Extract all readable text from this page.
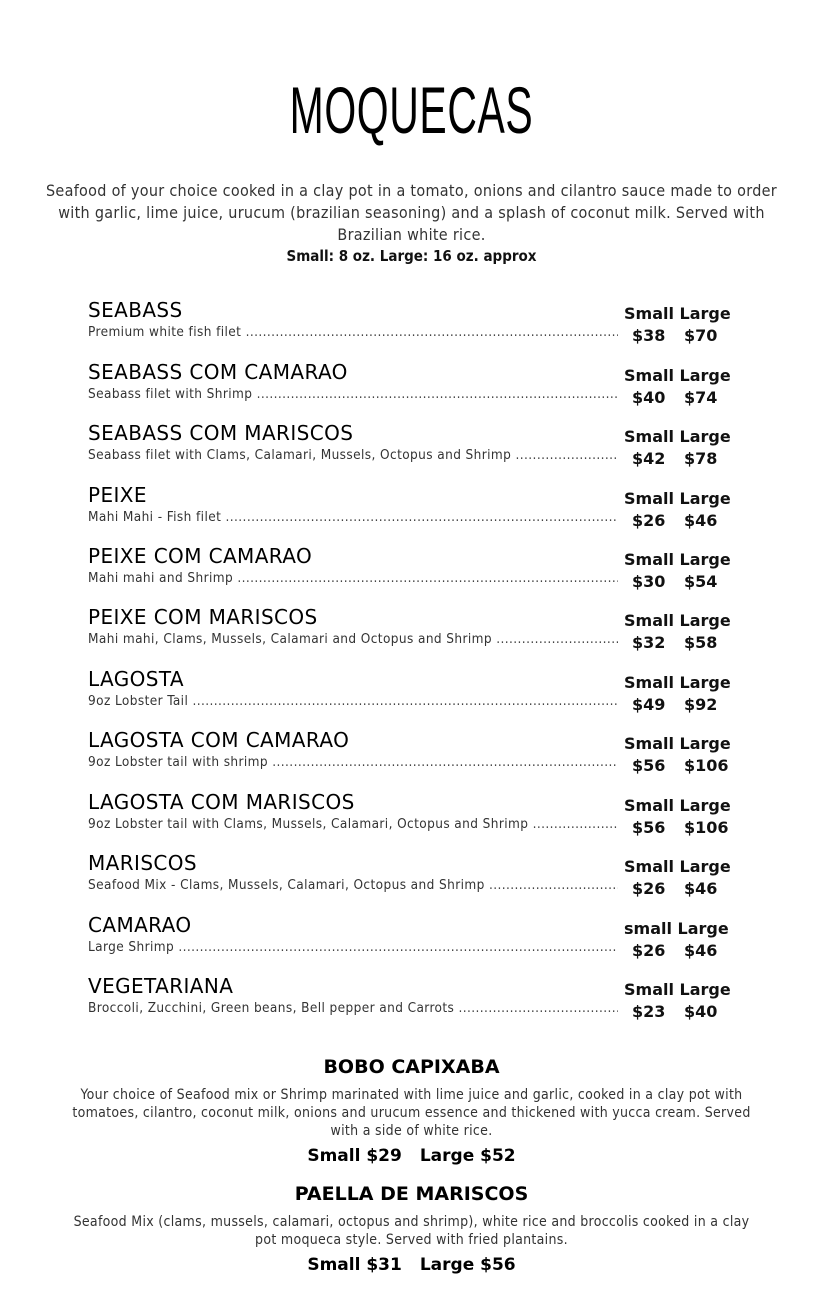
MOQUECAS
Seafood of your choice cooked in a clay pot in a tomato, onions and cilantro sauce made to order with garlic, lime juice, urucum (brazilian seasoning) and a splash of coconut milk. Served with Brazilian white rice.
Small: 8 oz. Large: 16 oz. approx
SEABASS
Premium white fish filet .....
Small Large
$38 $70
SEABASS COM CAMARAO
Seabass filet with Shrimp .....
Small Large
$40 $74
SEABASS COM MARISCOS
Seabass filet with Clams, Calamari, Mussels, Octopus and Shrimp .....
Small Large
$42 $78
PEIXE
Mahi Mahi - Fish filet .....
Small Large
$26 $46
PEIXE COM CAMARAO
Mahi mahi and Shrimp .....
Small Large
$30 $54
PEIXE COM MARISCOS
Mahi mahi, Clams, Mussels, Calamari and Octopus and Shrimp .....
Small Large
$32 $58
LAGOSTA
9oz Lobster Tail .....
Small Large
$49 $92
LAGOSTA COM CAMARAO
9oz Lobster tail with shrimp .....
Small Large
$56 $106
LAGOSTA COM MARISCOS
9oz Lobster tail with Clams, Mussels, Calamari, Octopus and Shrimp .....
Small Large
$56 $106
MARISCOS
Seafood Mix - Clams, Mussels, Calamari, Octopus and Shrimp .....
Small Large
$26 $46
CAMARAO
Large Shrimp .....
small Large
$26 $46
VEGETARIANA
Broccoli, Zucchini, Green beans, Bell pepper and Carrots .....
Small Large
$23 $40
BOBO CAPIXABA
Your choice of Seafood mix or Shrimp marinated with lime juice and garlic, cooked in a clay pot with tomatoes, cilantro, coconut milk, onions and urucum essence and thickened with yucca cream. Served with a side of white rice.
Small $29 Large $52
PAELLA DE MARISCOS
Seafood Mix (clams, mussels, calamari, octopus and shrimp), white rice and broccolis cooked in a clay pot moqueca style. Served with fried plantains.
Small $31 Large $56
